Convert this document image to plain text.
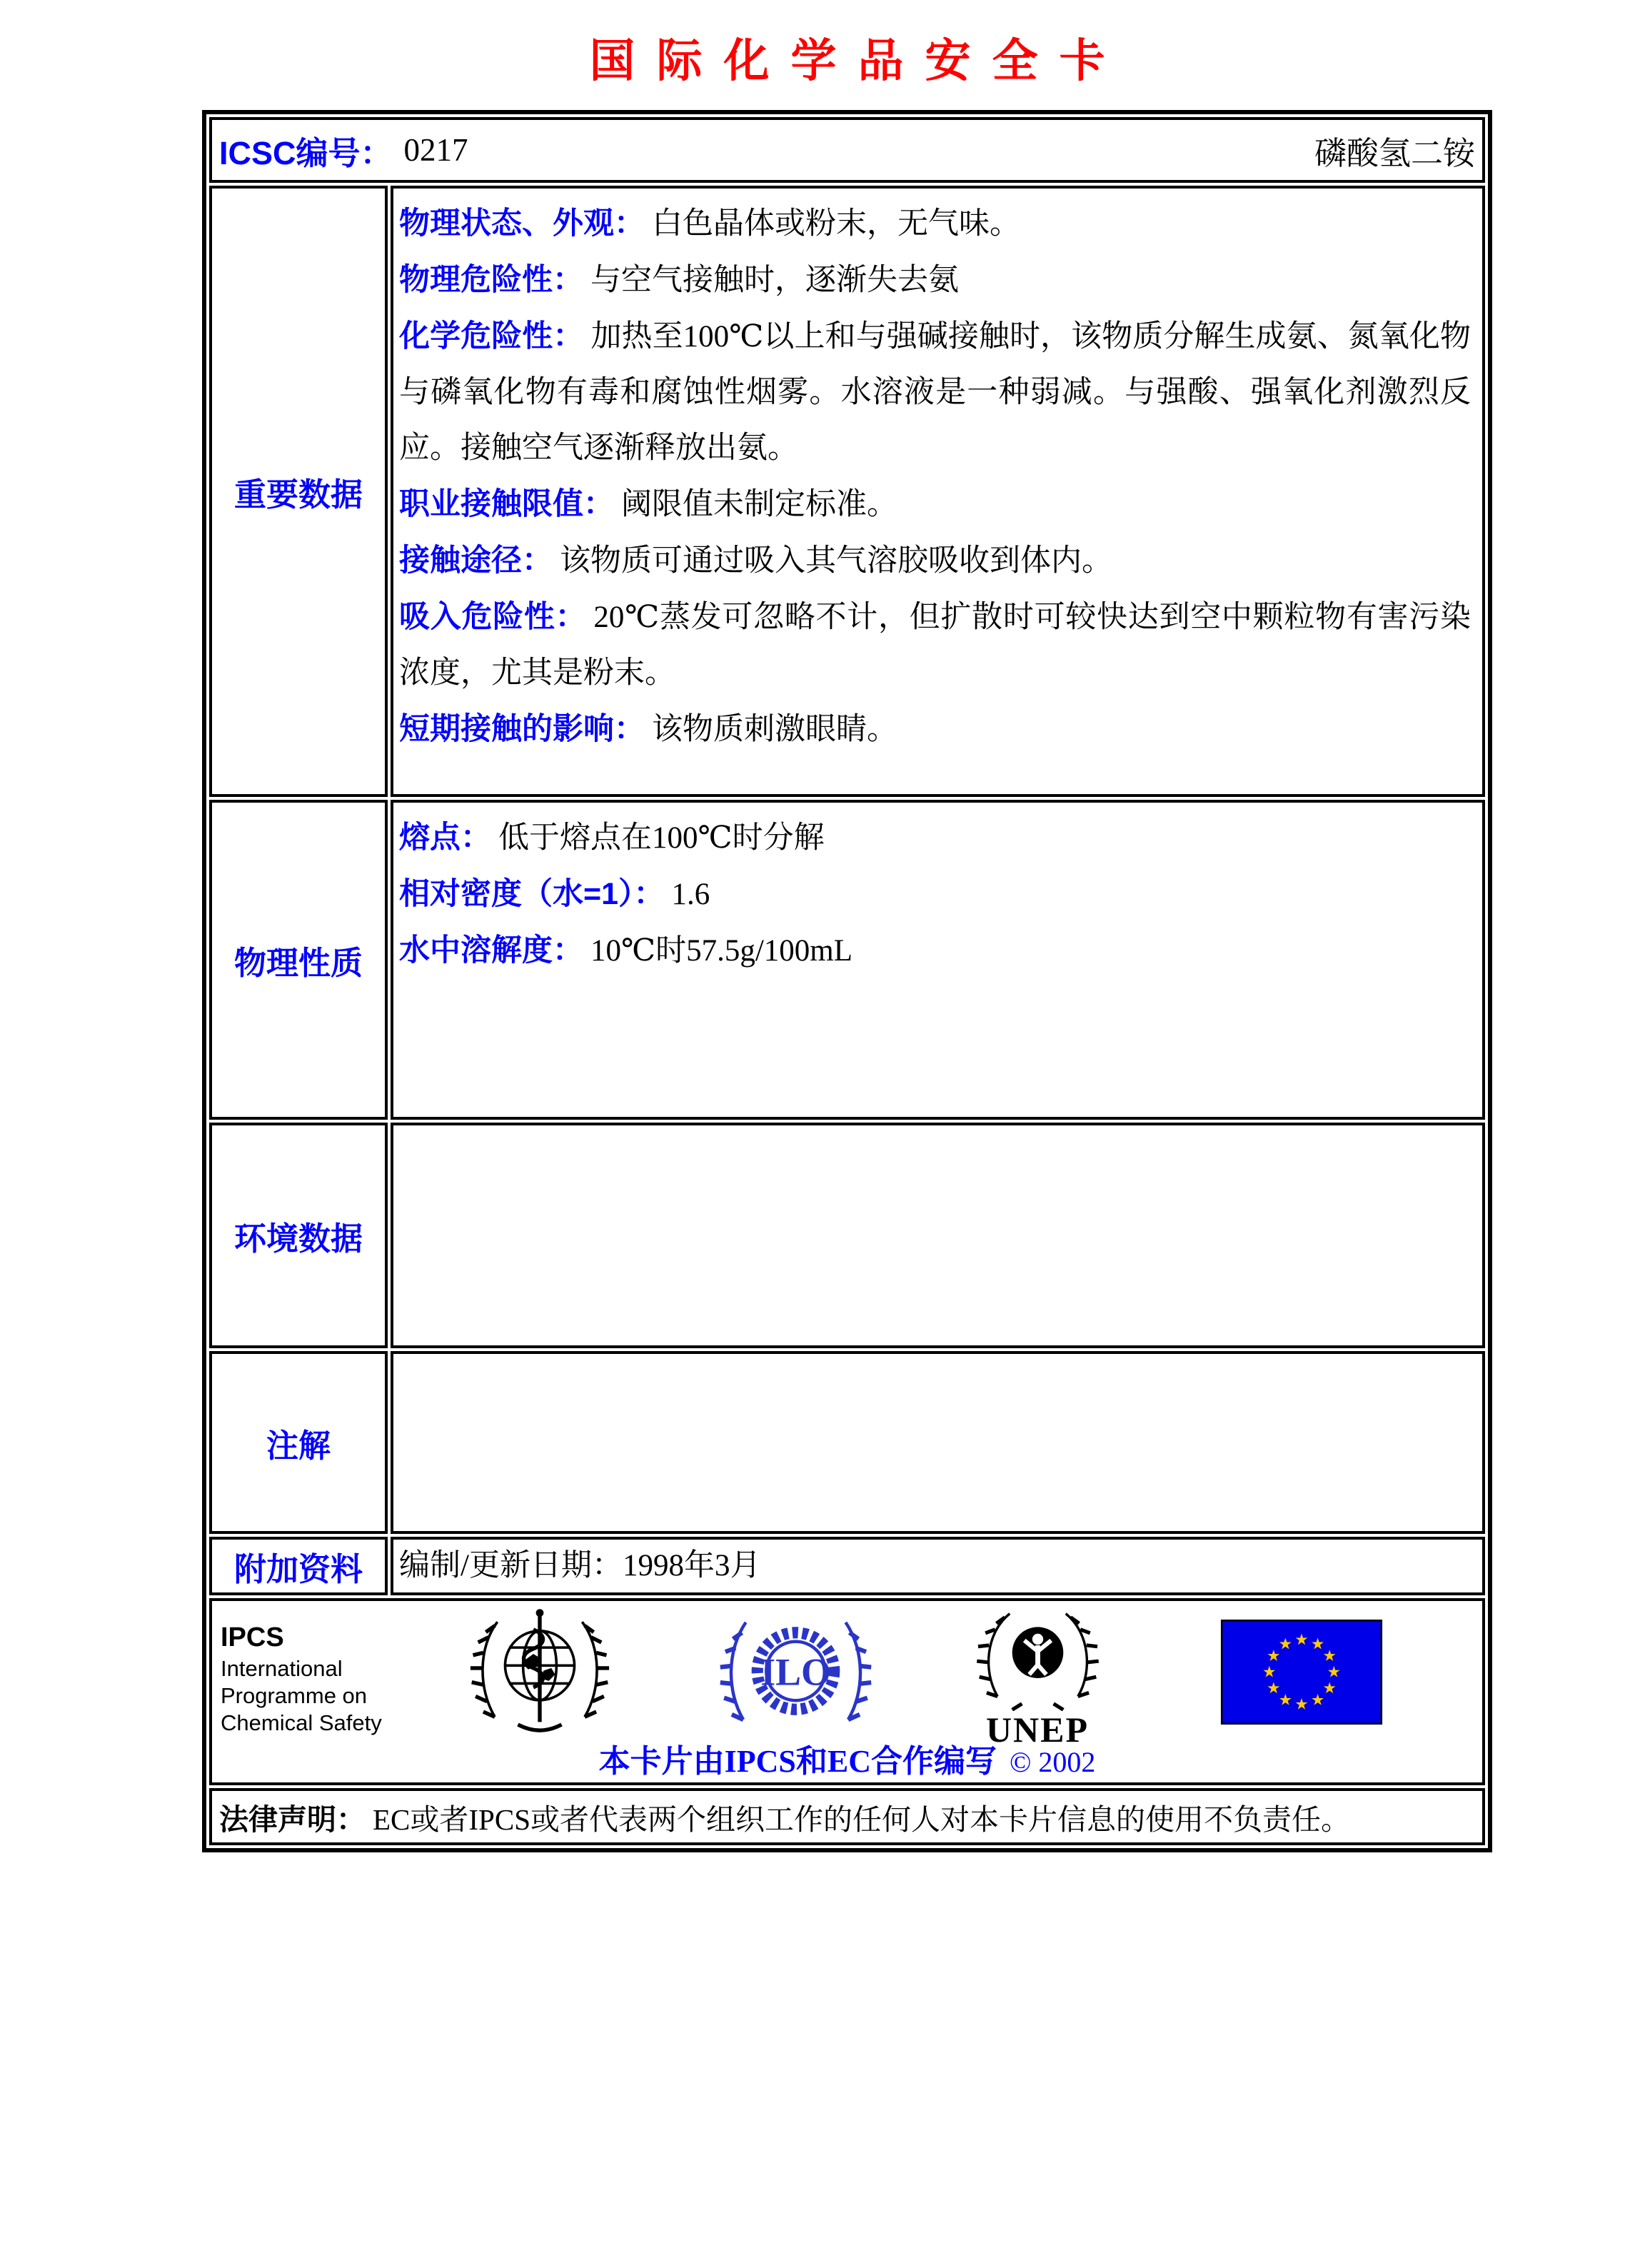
国际化学品安全卡
ICSC编号： 0217	磷酸氢二铵
重要数据

物理状态、外观： 白色晶体或粉末，无气味。

物理危险性： 与空气接触时，逐渐失去氨

化学危险性： 加热至100℃以上和与强碱接触时，该物质分解生成氨、氮氧化物与磷氧化物有毒和腐蚀性烟雾。水溶液是一种弱减。与强酸、强氧化剂激烈反应。接触空气逐渐释放出氨。

职业接触限值： 阈限值未制定标准。

接触途径： 该物质可通过吸入其气溶胶吸收到体内。

吸入危险性： 20℃蒸发可忽略不计，但扩散时可较快达到空中颗粒物有害污染浓度，尤其是粉末。

短期接触的影响： 该物质刺激眼睛。

物理性质

熔点： 低于熔点在100℃时分解

相对密度（水=1）： 1.6

水中溶解度： 10℃时57.5g/100mL

环境数据
注解
附加资料	编制/更新日期：1998年3月
IPCS
International
Programme on
Chemical Safety
ILO
UNEP
本卡片由IPCS和EC合作编写 © 2002
法律声明： EC或者IPCS或者代表两个组织工作的任何人对本卡片信息的使用不负责任。
